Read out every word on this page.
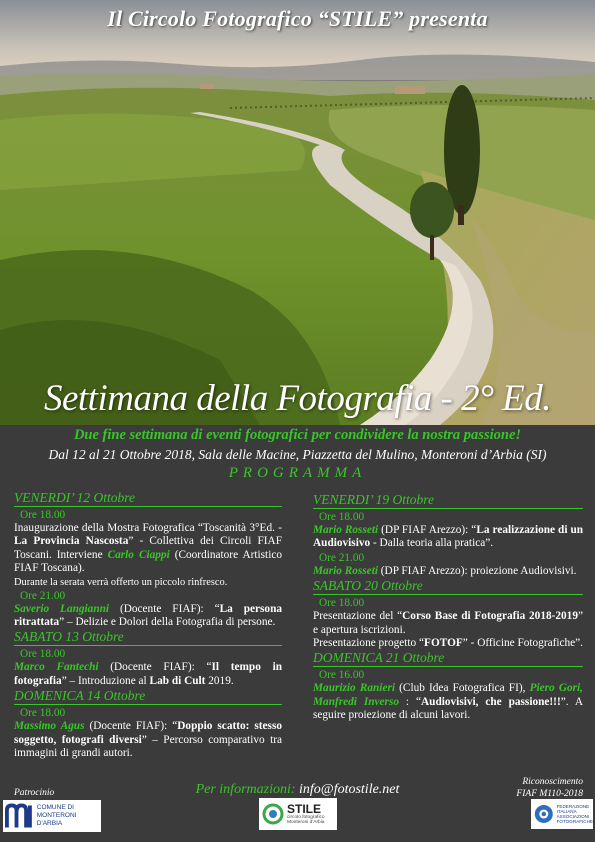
Il Circolo Fotografico “STILE” presenta
Settimana della Fotografia - 2° Ed.
Due fine settimana di eventi fotografici per condividere la nostra passione!
Dal 12 al 21 Ottobre 2018, Sala delle Macine, Piazzetta del Mulino, Monteroni d’Arbia (SI)
PROGRAMMA
VENERDI’ 12 Ottobre
Ore 18.00

Inaugurazione della Mostra Fotografica “Toscanità 3°Ed. - La Provincia Nascosta” - Collettiva dei Circoli FIAF Toscani. Interviene Carlo Ciappi (Coordinatore Artistico FIAF Toscana).

Durante la serata verrà offerto un piccolo rinfresco.

Ore 21.00

Saverio Langianni (Docente FIAF): “La persona ritrattata” – Delizie e Dolori della Fotografia di persone.

SABATO 13 Ottobre
Ore 18.00

Marco Fantechi (Docente FIAF): “Il tempo in fotografia” – Introduzione al Lab di Cult 2019.

DOMENICA 14 Ottobre
Ore 18.00

Massimo Agus (Docente FIAF): “Doppio scatto: stesso soggetto, fotografi diversi” – Percorso comparativo tra immagini di grandi autori.

VENERDI’ 19 Ottobre
Ore 18.00

Mario Rosseti (DP FIAF Arezzo): “La realizzazione di un Audiovisivo - Dalla teoria alla pratica”.

Ore 21.00

Mario Rosseti (DP FIAF Arezzo): proiezione Audiovisivi.

SABATO 20 Ottobre
Ore 18.00

Presentazione del “Corso Base di Fotografia 2018-2019” e apertura iscrizioni.
Presentazione progetto “FOTOF” - Officine Fotografiche”.

DOMENICA 21 Ottobre
Ore 16.00

Maurizio Ranieri (Club Idea Fotografica FI), Piero Gori, Manfredi Inverso : “Audiovisivi, che passione!!!”. A seguire proiezione di alcuni lavori.

Per informazioni: info@fotostile.net
Patrocinio
Riconoscimento
FIAF M110-2018
COMUNE DI
MONTERONI D'ARBIA
STILE
circolo fotografico
Monteroni d'Arbia
FEDERAZIONE
ITALIANA
ASSOCIAZIONI
FOTOGRAFICHE
